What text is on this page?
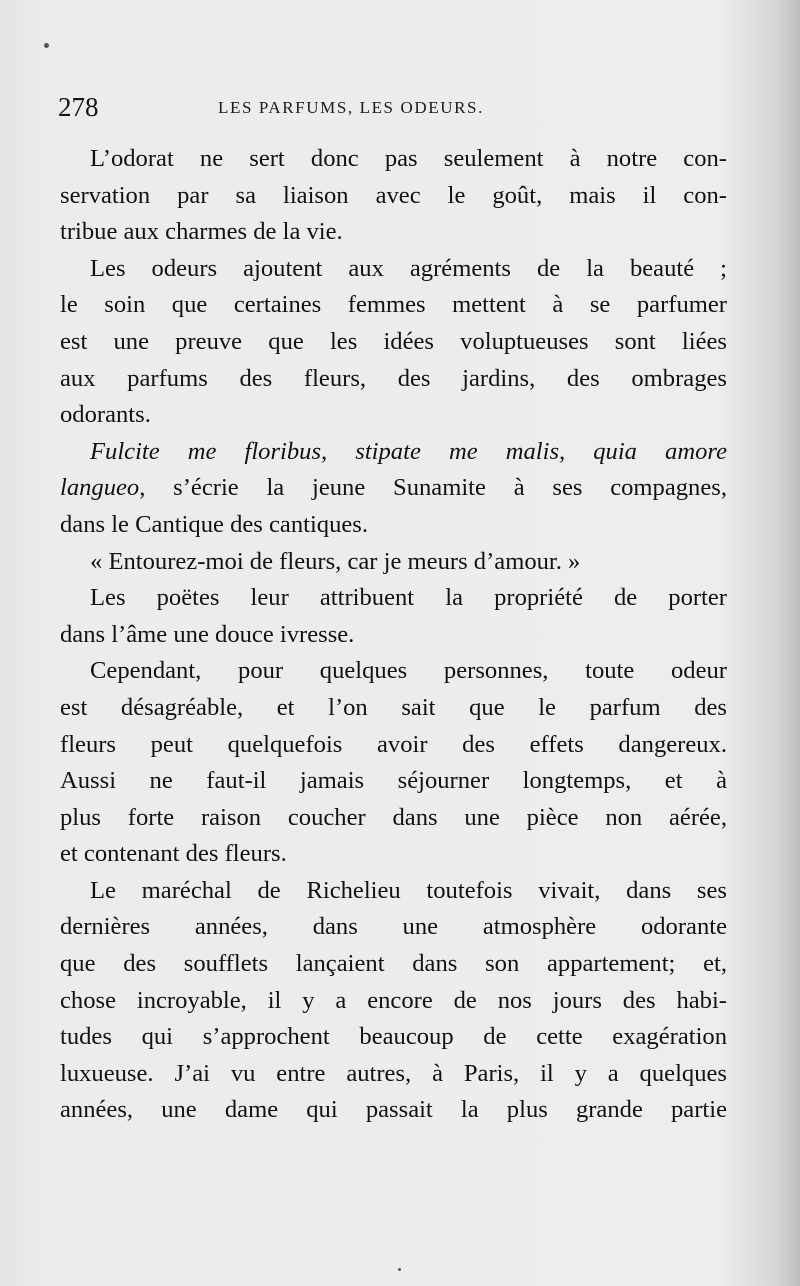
278	LES PARFUMS, LES ODEURS.
L’odorat ne sert donc pas seulement à notre con-
servation par sa liaison avec le goût, mais il con-
tribue aux charmes de la vie.
Les odeurs ajoutent aux agréments de la beauté ;
le soin que certaines femmes mettent à se parfumer
est une preuve que les idées voluptueuses sont liées
aux parfums des fleurs, des jardins, des ombrages
odorants.
Fulcite me floribus, stipate me malis, quia amore
langueo, s’écrie la jeune Sunamite à ses compagnes,
dans le Cantique des cantiques.
« Entourez-moi de fleurs, car je meurs d’amour. »
Les poëtes leur attribuent la propriété de porter
dans l’âme une douce ivresse.
Cependant, pour quelques personnes, toute odeur
est désagréable, et l’on sait que le parfum des
fleurs peut quelquefois avoir des effets dangereux.
Aussi ne faut-il jamais séjourner longtemps, et à
plus forte raison coucher dans une pièce non aérée,
et contenant des fleurs.
Le maréchal de Richelieu toutefois vivait, dans ses
dernières années, dans une atmosphère odorante
que des soufflets lançaient dans son appartement; et,
chose incroyable, il y a encore de nos jours des habi-
tudes qui s’approchent beaucoup de cette exagération
luxueuse. J’ai vu entre autres, à Paris, il y a quelques
années, une dame qui passait la plus grande partie
